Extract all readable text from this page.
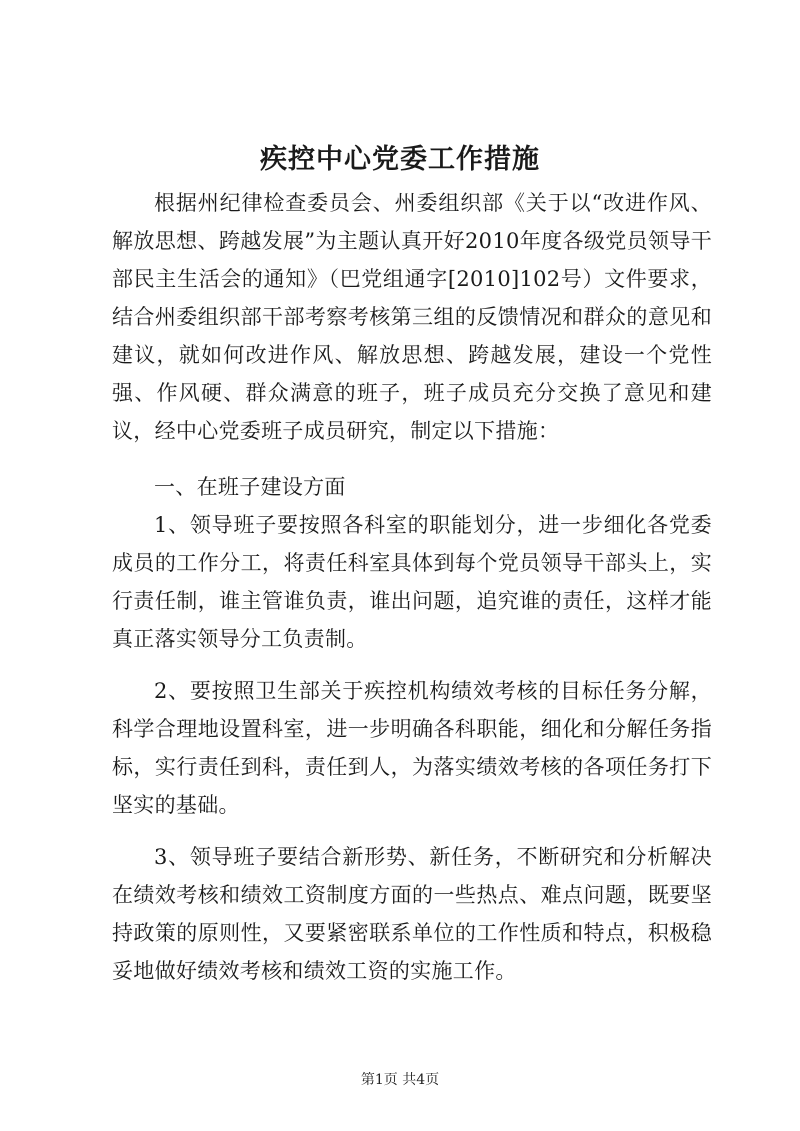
疾控中心党委工作措施

根据州纪律检查委员会、州委组织部《关于以“改进作风、解放思想、跨越发展”为主题认真开好2010年度各级党员领导干部民主生活会的通知》（巴党组通字[2010]102号）文件要求，结合州委组织部干部考察考核第三组的反馈情况和群众的意见和建议，就如何改进作风、解放思想、跨越发展，建设一个党性强、作风硬、群众满意的班子，班子成员充分交换了意见和建议，经中心党委班子成员研究，制定以下措施：

一、在班子建设方面

1、领导班子要按照各科室的职能划分，进一步细化各党委成员的工作分工，将责任科室具体到每个党员领导干部头上，实行责任制，谁主管谁负责，谁出问题，追究谁的责任，这样才能真正落实领导分工负责制。

2、要按照卫生部关于疾控机构绩效考核的目标任务分解，科学合理地设置科室，进一步明确各科职能，细化和分解任务指标，实行责任到科，责任到人，为落实绩效考核的各项任务打下坚实的基础。

3、领导班子要结合新形势、新任务，不断研究和分析解决在绩效考核和绩效工资制度方面的一些热点、难点问题，既要坚持政策的原则性，又要紧密联系单位的工作性质和特点，积极稳妥地做好绩效考核和绩效工资的实施工作。

第1页 共4页
